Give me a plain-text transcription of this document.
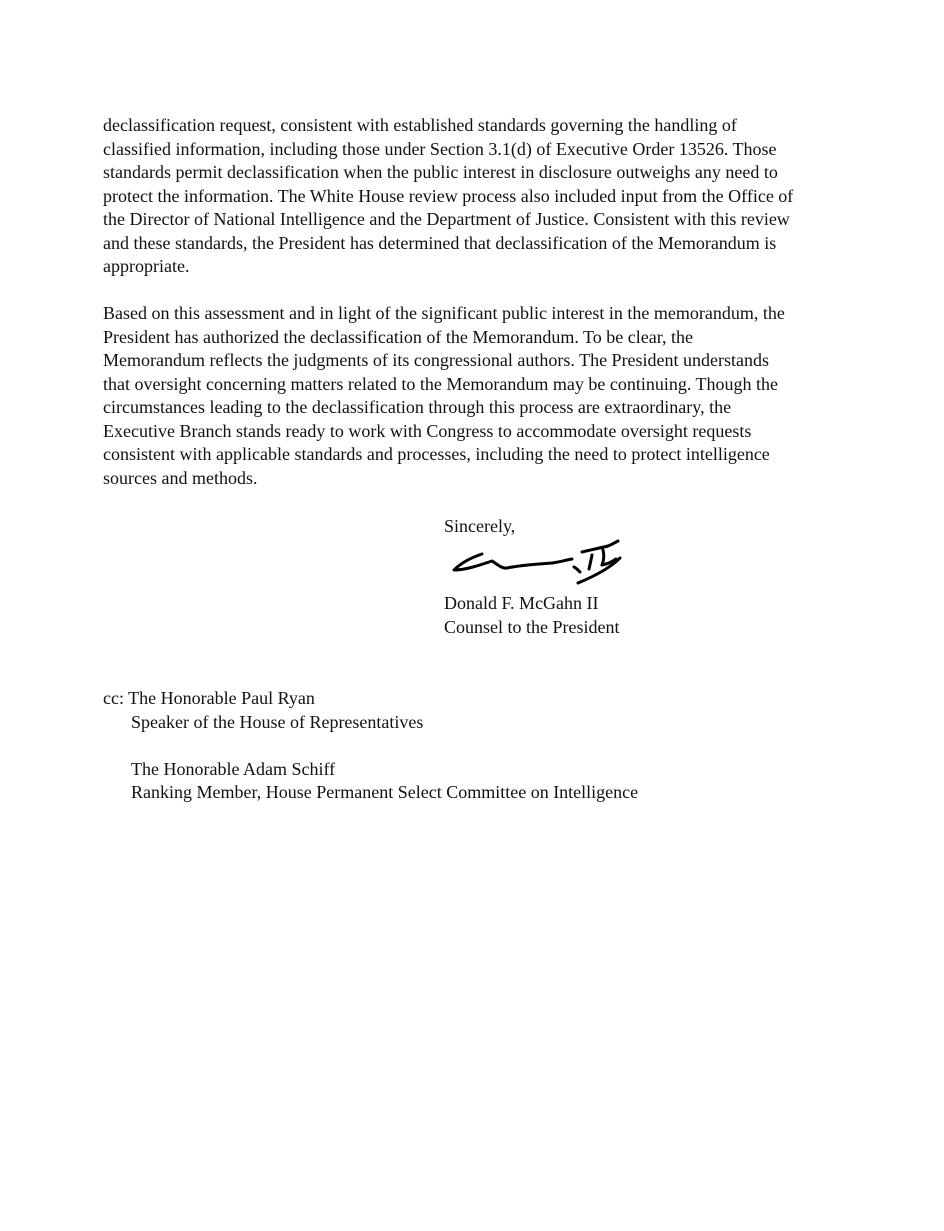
declassification request, consistent with established standards governing the handling of
classified information, including those under Section 3.1(d) of Executive Order 13526. Those
standards permit declassification when the public interest in disclosure outweighs any need to
protect the information. The White House review process also included input from the Office of
the Director of National Intelligence and the Department of Justice. Consistent with this review
and these standards, the President has determined that declassification of the Memorandum is
appropriate.
Based on this assessment and in light of the significant public interest in the memorandum, the
President has authorized the declassification of the Memorandum. To be clear, the
Memorandum reflects the judgments of its congressional authors. The President understands
that oversight concerning matters related to the Memorandum may be continuing. Though the
circumstances leading to the declassification through this process are extraordinary, the
Executive Branch stands ready to work with Congress to accommodate oversight requests
consistent with applicable standards and processes, including the need to protect intelligence
sources and methods.
Sincerely,
Donald F. McGahn II
Counsel to the President
cc: The Honorable Paul Ryan
Speaker of the House of Representatives
The Honorable Adam Schiff
Ranking Member, House Permanent Select Committee on Intelligence
